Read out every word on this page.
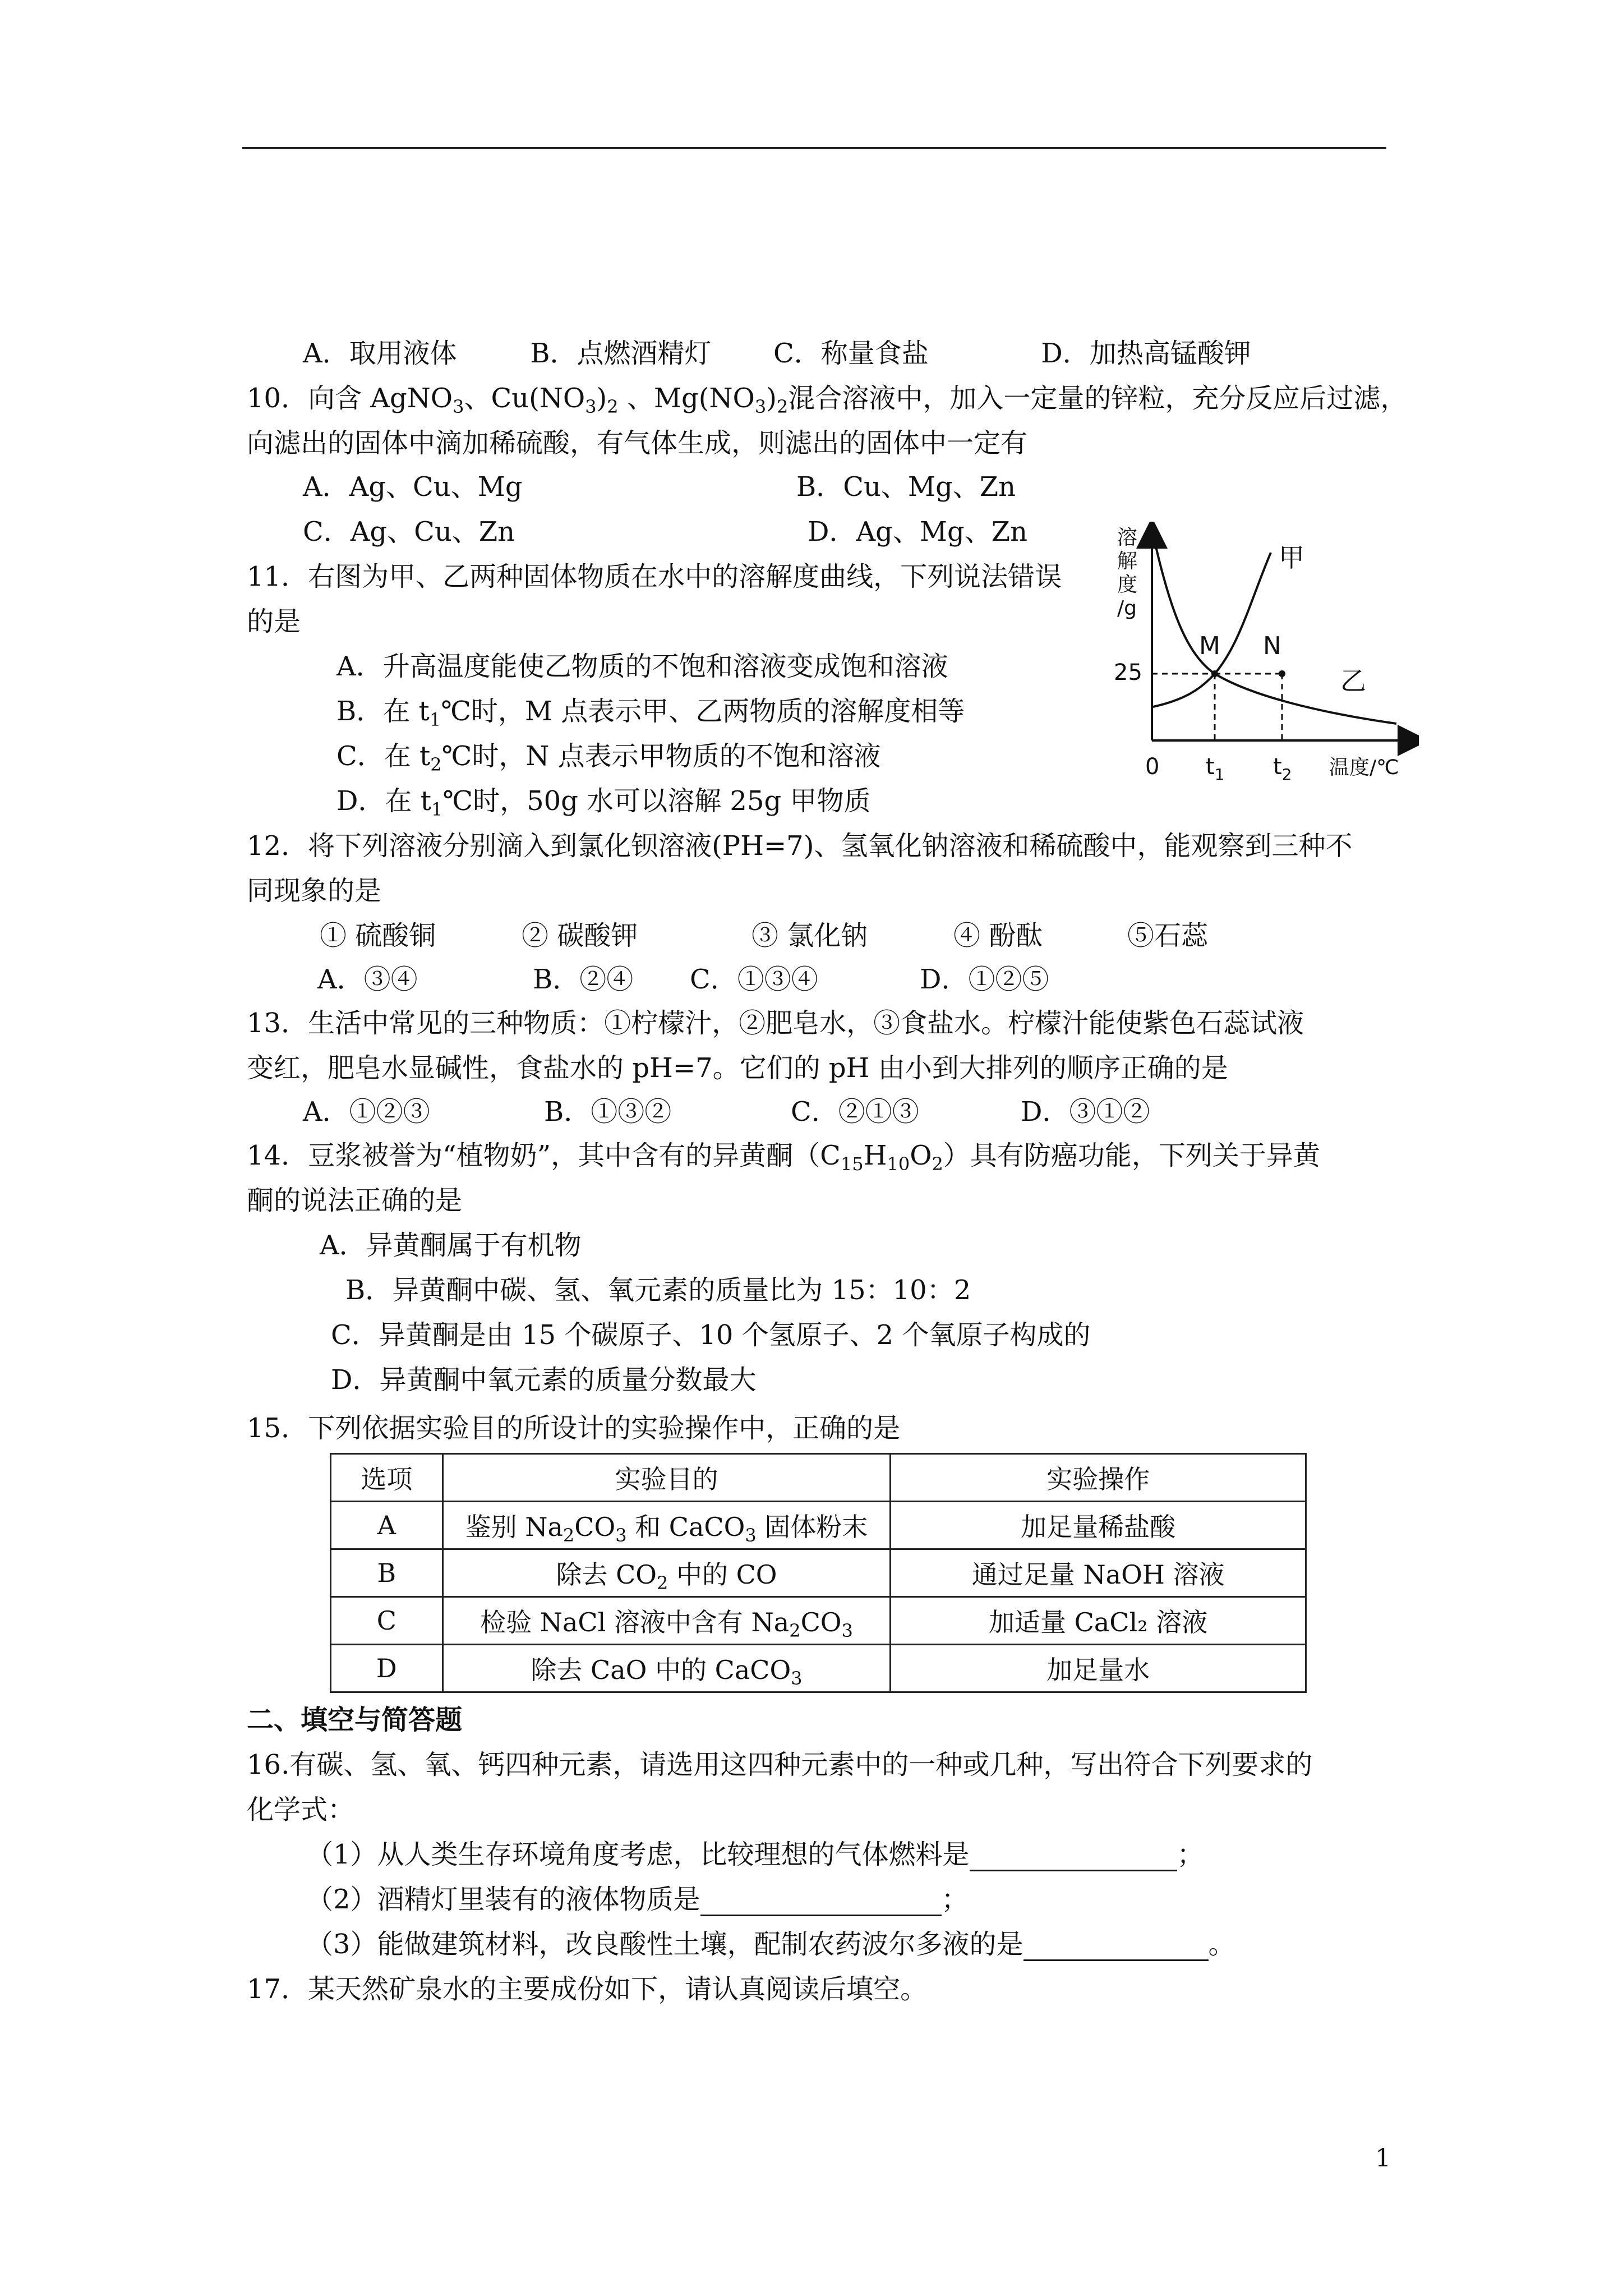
A．取用液体	B．点燃酒精灯 C．称量食盐	D．加热高锰酸钾
10．向含 AgNO$_3$、$Cu(NO_3)_2$ 、$Mg(NO_3)_2$混合溶液中，加入一定量的锌粒，充分反应后过滤，
向滤出的固体中滴加稀硫酸，有气体生成，则滤出的固体中一定有
A．Ag、Cu、Mg	B．Cu、Mg、Zn
C．Ag、Cu、Zn	D．Ag、Mg、Zn
11．右图为甲、乙两种固体物质在水中的溶解度曲线，下列说法错误
的是
A．升高温度能使乙物质的不饱和溶液变成饱和溶液
B．在 $t_1℃$时，M 点表示甲、乙两物质的溶解度相等
C．在 $t_2℃$时，N 点表示甲物质的不饱和溶液
D．在 $t_1℃$时，50g 水可以溶解 25g 甲物质
溶
解
度
/g
25
M N
甲
乙
0 $t_1$ $t_2$ 温度/℃
12．将下列溶液分别滴入到氯化钡溶液(PH=7)、氢氧化钠溶液和稀硫酸中，能观察到三种不
同现象的是
① 硫酸铜	② 碳酸钾	③ 氯化钠	④ 酚酞	⑤石蕊
A．③④	B．②④ C．①③④	D．①②⑤
13．生活中常见的三种物质：①柠檬汁，②肥皂水，③食盐水。柠檬汁能使紫色石蕊试液
变红，肥皂水显碱性，食盐水的 pH=7。它们的 pH 由小到大排列的顺序正确的是
A．①②③	B．①③②	C．②①③	D．③①②
14．豆浆被誉为“植物奶”，其中含有的异黄酮$(C_{15}H_{10}O_2)$具有防癌功能，下列关于异黄
酮的说法正确的是
A．异黄酮属于有机物
B．异黄酮中碳、氢、氧元素的质量比为 15：10：2
C．异黄酮是由 15 个碳原子、10 个氢原子、2 个氧原子构成的
D．异黄酮中氧元素的质量分数最大
15．下列依据实验目的所设计的实验操作中，正确的是
选项	实验目的	实验操作
A	鉴别 $Na_2CO_3$ 和 CaCO$_3$ 固体粉末	加足量稀盐酸
B	除去 $CO_2$ 中的 CO	通过足量 NaOH 溶液
C	检验 NaCl 溶液中含有 $Na_2CO_3$	加适量 CaCl₂ 溶液
D	除去 CaO 中的 CaCO$_3$	加足量水
二、填空与简答题
16.有碳、氢、氧、钙四种元素，请选用这四种元素中的一种或几种，写出符合下列要求的
化学式：
（1）从人类生存环境角度考虑，比较理想的气体燃料是	；
（2）酒精灯里装有的液体物质是	；
（3）能做建筑材料，改良酸性土壤，配制农药波尔多液的是	。
17．某天然矿泉水的主要成份如下，请认真阅读后填空。
1
